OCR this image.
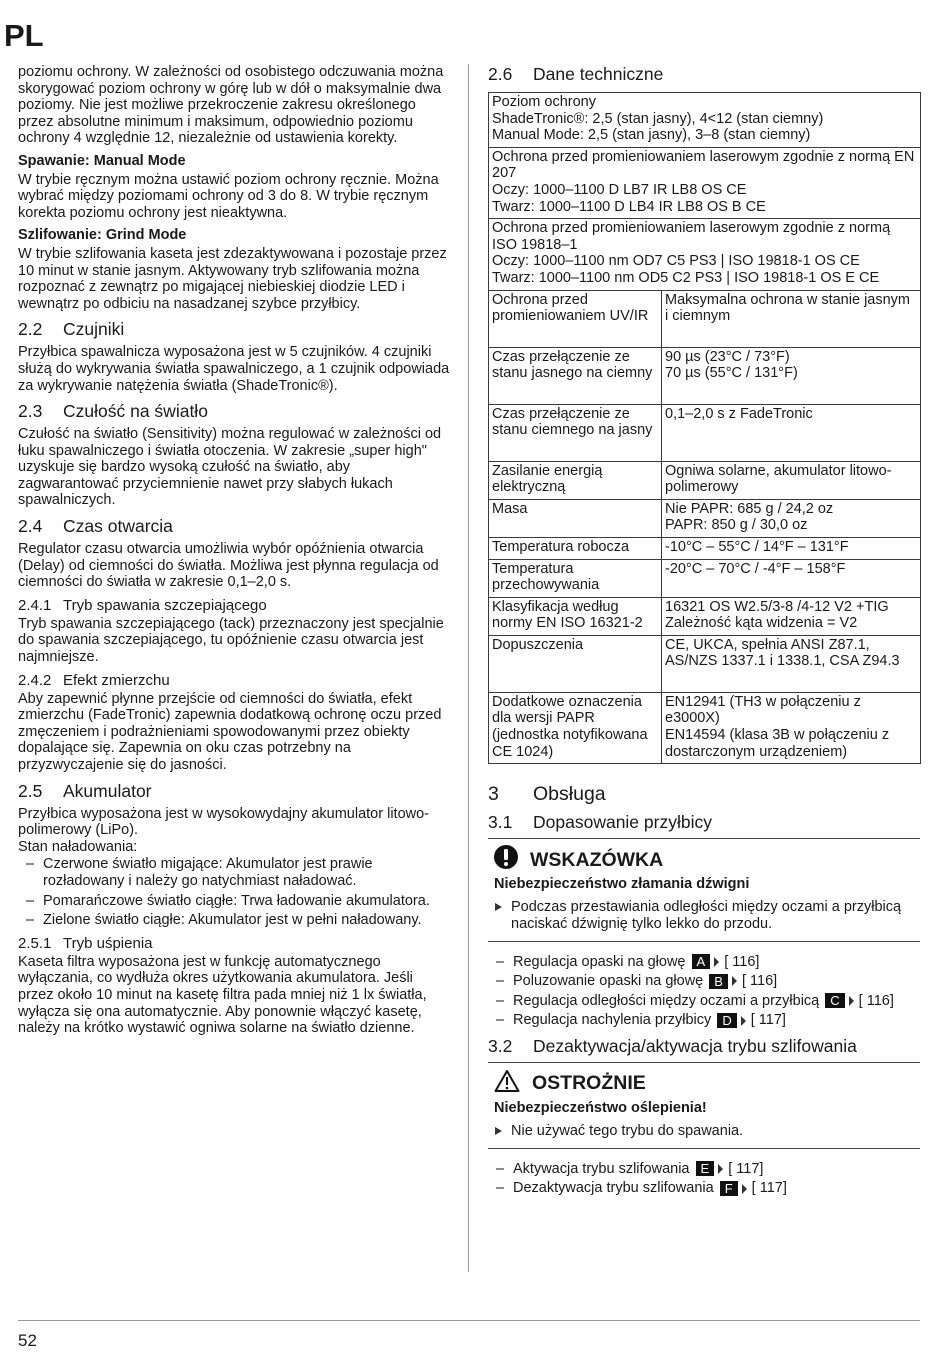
PL

poziomu ochrony. W zależności od osobistego odczuwania można skorygować poziom ochrony w górę lub w dół o maksymalnie dwa poziomy. Nie jest możliwe przekroczenie zakresu określonego przez absolutne minimum i maksimum, odpowiednio poziomu ochrony 4 względnie 12, niezależnie od ustawienia korekty.

Spawanie: Manual Mode

W trybie ręcznym można ustawić poziom ochrony ręcznie. Można wybrać między poziomami ochrony od 3 do 8. W trybie ręcznym korekta poziomu ochrony jest nieaktywna.

Szlifowanie: Grind Mode

W trybie szlifowania kaseta jest zdezaktywowana i pozostaje przez 10 minut w stanie jasnym. Aktywowany tryb szlifowania można rozpoznać z zewnątrz po migającej niebieskiej diodzie LED i wewnątrz po odbiciu na nasadzanej szybce przyłbicy.

2.2 Czujniki

Przyłbica spawalnicza wyposażona jest w 5 czujników. 4 czujniki służą do wykrywania światła spawalniczego, a 1 czujnik odpowiada za wykrywanie natężenia światła (ShadeTronic®).

2.3 Czułość na światło

Czułość na światło (Sensitivity) można regulować w zależności od łuku spawalniczego i światła otoczenia. W zakresie „super high" uzyskuje się bardzo wysoką czułość na światło, aby zagwarantować przyciemnienie nawet przy słabych łukach spawalniczych.

2.4 Czas otwarcia

Regulator czasu otwarcia umożliwia wybór opóźnienia otwarcia (Delay) od ciemności do światła. Możliwa jest płynna regulacja od ciemności do światła w zakresie 0,1–2,0 s.

2.4.1 Tryb spawania szczepiającego

Tryb spawania szczepiającego (tack) przeznaczony jest specjalnie do spawania szczepiającego, tu opóźnienie czasu otwarcia jest najmniejsze.

2.4.2 Efekt zmierzchu

Aby zapewnić płynne przejście od ciemności do światła, efekt zmierzchu (FadeTronic) zapewnia dodatkową ochronę oczu przed zmęczeniem i podrażnieniami spowodowanymi przez obiekty dopalające się. Zapewnia on oku czas potrzebny na przyzwyczajenie się do jasności.

2.5 Akumulator

Przyłbica wyposażona jest w wysokowydajny akumulator litowo-polimerowy (LiPo).

Stan naładowania:

– Czerwone światło migające: Akumulator jest prawie rozładowany i należy go natychmiast naładować.
– Pomarańczowe światło ciągłe: Trwa ładowanie akumulatora.
– Zielone światło ciągłe: Akumulator jest w pełni naładowany.
2.5.1 Tryb uśpienia

Kaseta filtra wyposażona jest w funkcję automatycznego wyłączania, co wydłuża okres użytkowania akumulatora. Jeśli przez około 10 minut na kasetę filtra pada mniej niż 1 lx światła, wyłącza się ona automatycznie. Aby ponownie włączyć kasetę, należy na krótko wystawić ogniwa solarne na światło dzienne.

2.6 Dane techniczne
Poziom ochrony
ShadeTronic®: 2,5 (stan jasny), 4<12 (stan ciemny)
Manual Mode: 2,5 (stan jasny), 3–8 (stan ciemny)	
Ochrona przed promieniowaniem laserowym zgodnie z normą EN 207
Oczy: 1000–1100 D LB7 IR LB8 OS CE
Twarz: 1000–1100 D LB4 IR LB8 OS B CE	
Ochrona przed promieniowaniem laserowym zgodnie z normą ISO 19818–1
Oczy: 1000–1100 nm OD7 C5 PS3 | ISO 19818-1 OS CE
Twarz: 1000–1100 nm OD5 C2 PS3 | ISO 19818-1 OS E CE	
Ochrona przed promieniowaniem UV/IR	Maksymalna ochrona w stanie jasnym i ciemnym
Czas przełączenie ze stanu jasnego na ciemny	90 µs (23°C / 73°F)
70 µs (55°C / 131°F)
Czas przełączenie ze stanu ciemnego na jasny	0,1–2,0 s z FadeTronic
Zasilanie energią elektryczną	Ogniwa solarne, akumulator litowo-polimerowy
Masa	Nie PAPR: 685 g / 24,2 oz
PAPR: 850 g / 30,0 oz
Temperatura robocza	-10°C – 55°C / 14°F – 131°F
Temperatura przechowywania	-20°C – 70°C / -4°F – 158°F
Klasyfikacja według normy EN ISO 16321-2	16321 OS W2.5/3-8 /4-12 V2 +TIG
Zależność kąta widzenia = V2
Dopuszczenia	CE, UKCA, spełnia ANSI Z87.1, AS/NZS 1337.1 i 1338.1, CSA Z94.3
Dodatkowe oznaczenia dla wersji PAPR (jednostka notyfikowana CE 1024)	EN12941 (TH3 w połączeniu z e3000X)
EN14594 (klasa 3B w połączeniu z dostarczonym urządzeniem)
3 Obsługa
3.1 Dopasowanie przyłbicy
WSKAZÓWKA
Niebezpieczeństwo złamania dźwigni
Podczas przestawiania odległości między oczami a przyłbicą naciskać dźwignię tylko lekko do przodu.
– Regulacja opaski na głowę A [ 116]
– Poluzowanie opaski na głowę B [ 116]
– Regulacja odległości między oczami a przyłbicą C [ 116]
– Regulacja nachylenia przyłbicy D [ 117]
3.2 Dezaktywacja/aktywacja trybu szlifowania
OSTROŻNIE
Niebezpieczeństwo oślepienia!
Nie używać tego trybu do spawania.
– Aktywacja trybu szlifowania E [ 117]
– Dezaktywacja trybu szlifowania F [ 117]
52
